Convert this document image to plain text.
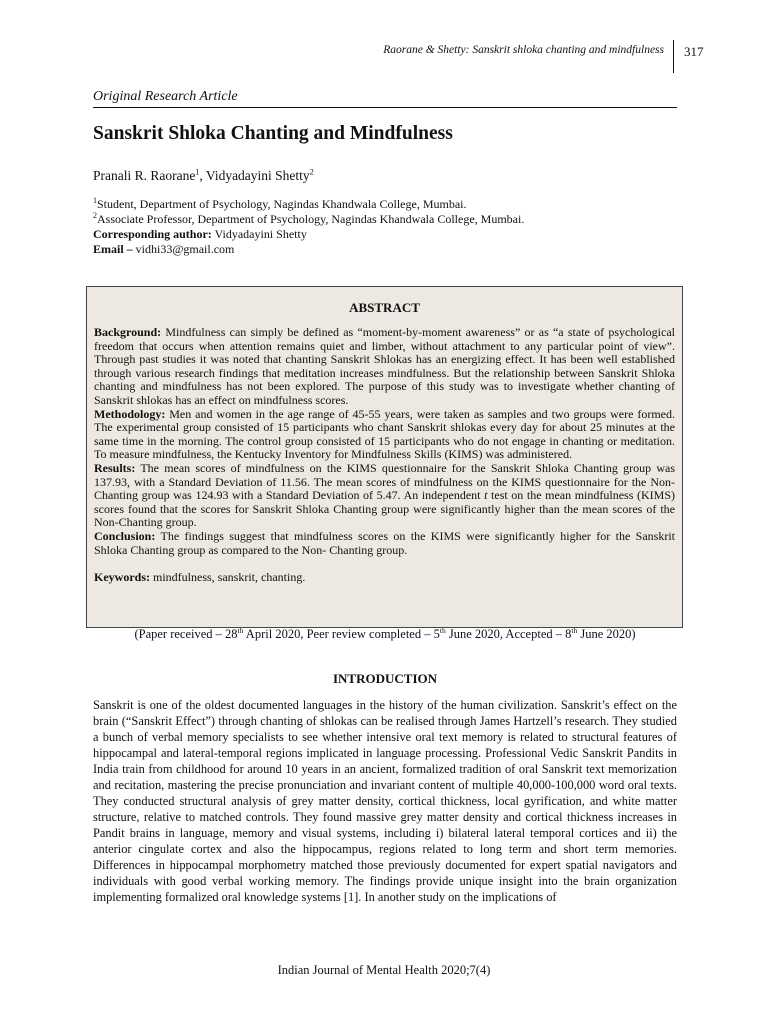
Raorane & Shetty: Sanskrit shloka chanting and mindfulness 317
Original Research Article
Sanskrit Shloka Chanting and Mindfulness
Pranali R. Raorane$^1$, Vidyadayini Shetty$^2$
$^1$Student, Department of Psychology, Nagindas Khandwala College, Mumbai.
$^2$Associate Professor, Department of Psychology, Nagindas Khandwala College, Mumbai.
Corresponding author: Vidyadayini Shetty
Email – vidhi33@gmail.com
ABSTRACT

Background: Mindfulness can simply be defined as “moment-by-moment awareness” or as “a state of psychological freedom that occurs when attention remains quiet and limber, without attachment to any particular point of view”. Through past studies it was noted that chanting Sanskrit Shlokas has an energizing effect. It has been well established through various research findings that meditation increases mindfulness. But the relationship between Sanskrit Shloka chanting and mindfulness has not been explored. The purpose of this study was to investigate whether chanting of Sanskrit shlokas has an effect on mindfulness scores.

Methodology: Men and women in the age range of 45-55 years, were taken as samples and two groups were formed. The experimental group consisted of 15 participants who chant Sanskrit shlokas every day for about 25 minutes at the same time in the morning. The control group consisted of 15 participants who do not engage in chanting or meditation. To measure mindfulness, the Kentucky Inventory for Mindfulness Skills (KIMS) was administered.

Results: The mean scores of mindfulness on the KIMS questionnaire for the Sanskrit Shloka Chanting group was 137.93, with a Standard Deviation of 11.56. The mean scores of mindfulness on the KIMS questionnaire for the Non-Chanting group was 124.93 with a Standard Deviation of 5.47. An independent t test on the mean mindfulness (KIMS) scores found that the scores for Sanskrit Shloka Chanting group were significantly higher than the mean scores of the Non-Chanting group.

Conclusion: The findings suggest that mindfulness scores on the KIMS were significantly higher for the Sanskrit Shloka Chanting group as compared to the Non- Chanting group.

Keywords: mindfulness, sanskrit, chanting.
(Paper received – 28th April 2020, Peer review completed – 5th June 2020, Accepted – 8th June 2020)
INTRODUCTION

Sanskrit is one of the oldest documented languages in the history of the human civilization. Sanskrit’s effect on the brain (“Sanskrit Effect”) through chanting of shlokas can be realised through James Hartzell’s research. They studied a bunch of verbal memory specialists to see whether intensive oral text memory is related to structural features of hippocampal and lateral-temporal regions implicated in language processing. Professional Vedic Sanskrit Pandits in India train from childhood for around 10 years in an ancient, formalized tradition of oral Sanskrit text memorization and recitation, mastering the precise pronunciation and invariant content of multiple 40,000-100,000 word oral texts. They conducted structural analysis of grey matter density, cortical thickness, local gyrification, and white matter structure, relative to matched controls. They found massive grey matter density and cortical thickness increases in Pandit brains in language, memory and visual systems, including i) bilateral lateral temporal cortices and ii) the anterior cingulate cortex and also the hippocampus, regions related to long term and short term memories. Differences in hippocampal morphometry matched those previously documented for expert spatial navigators and individuals with good verbal working memory. The findings provide unique insight into the brain organization implementing formalized oral knowledge systems [1]. In another study on the implications of

Indian Journal of Mental Health 2020;7(4)
